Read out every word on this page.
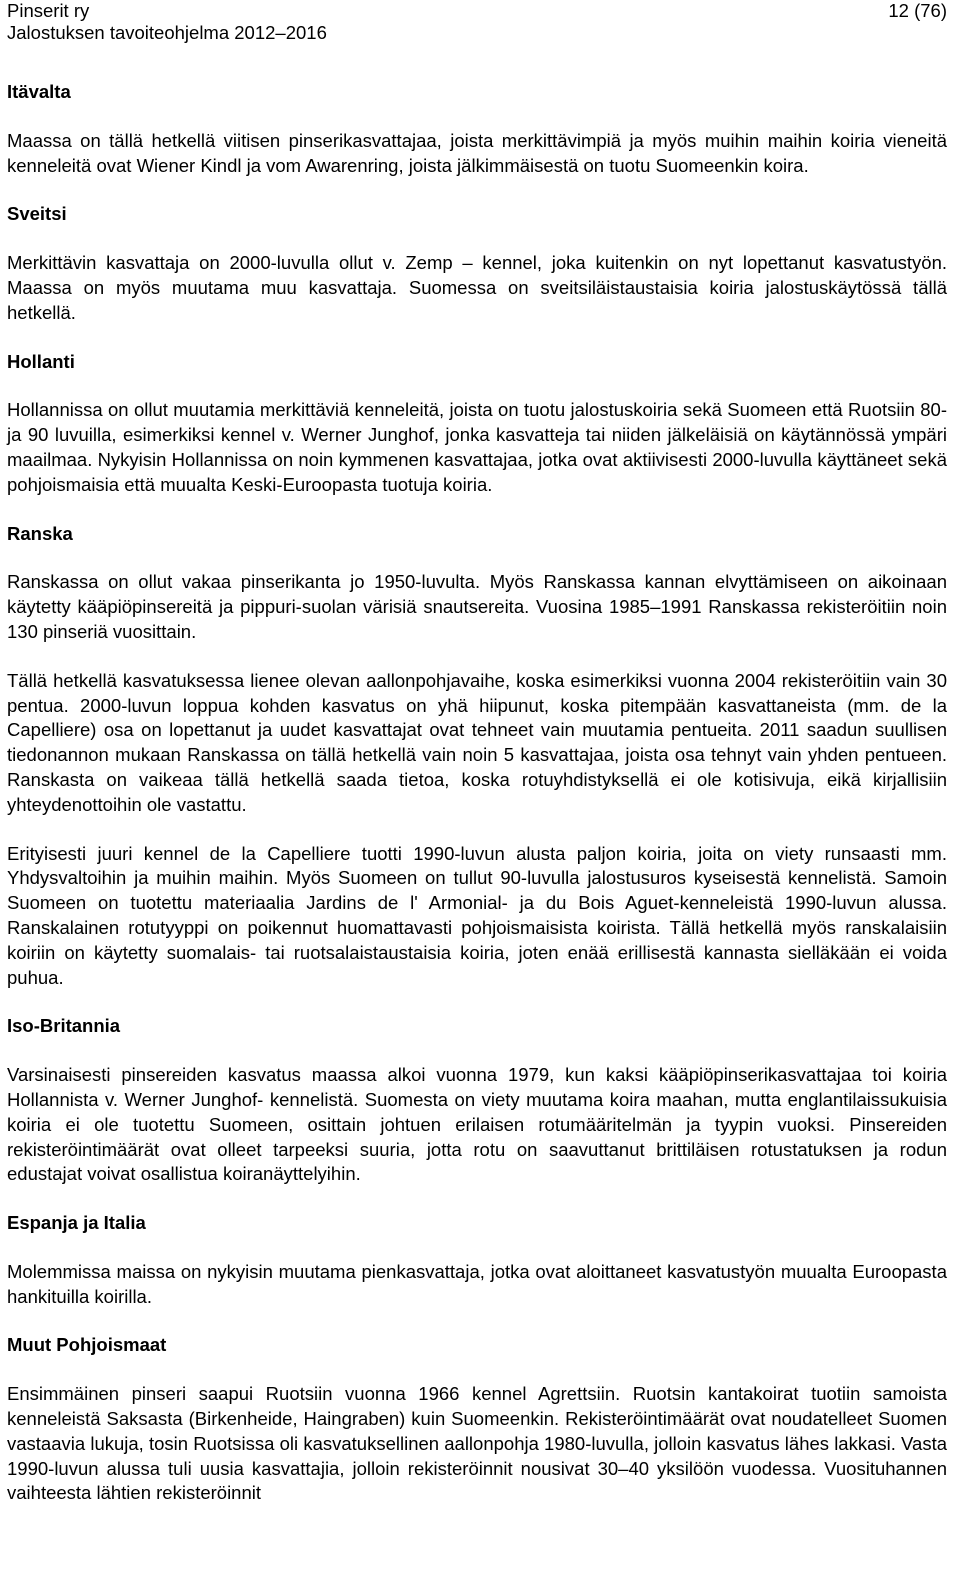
Pinserit ry
Jalostuksen tavoiteohjelma 2012–2016
12 (76)
Itävalta

Maassa on tällä hetkellä viitisen pinserikasvattajaa, joista merkittävimpiä ja myös muihin maihin koiria vieneitä kenneleitä ovat Wiener Kindl ja vom Awarenring, joista jälkimmäisestä on tuotu Suomeenkin koira.

Sveitsi

Merkittävin kasvattaja on 2000-luvulla ollut v. Zemp – kennel, joka kuitenkin on nyt lopettanut kasvatustyön. Maassa on myös muutama muu kasvattaja. Suomessa on sveitsiläistaustaisia koiria jalostuskäytössä tällä hetkellä.

Hollanti

Hollannissa on ollut muutamia merkittäviä kenneleitä, joista on tuotu jalostuskoiria sekä Suomeen että Ruotsiin 80- ja 90 luvuilla, esimerkiksi kennel v. Werner Junghof, jonka kasvatteja tai niiden jälkeläisiä on käytännössä ympäri maailmaa. Nykyisin Hollannissa on noin kymmenen kasvattajaa, jotka ovat aktiivisesti 2000-luvulla käyttäneet sekä pohjoismaisia että muualta Keski-Euroopasta tuotuja koiria.

Ranska

Ranskassa on ollut vakaa pinserikanta jo 1950-luvulta. Myös Ranskassa kannan elvyttämiseen on aikoinaan käytetty kääpiöpinsereitä ja pippuri-suolan värisiä snautsereita. Vuosina 1985–1991 Ranskassa rekisteröitiin noin 130 pinseriä vuosittain.

Tällä hetkellä kasvatuksessa lienee olevan aallonpohjavaihe, koska esimerkiksi vuonna 2004 rekisteröitiin vain 30 pentua. 2000-luvun loppua kohden kasvatus on yhä hiipunut, koska pitempään kasvattaneista (mm. de la Capelliere) osa on lopettanut ja uudet kasvattajat ovat tehneet vain muutamia pentueita. 2011 saadun suullisen tiedonannon mukaan Ranskassa on tällä hetkellä vain noin 5 kasvattajaa, joista osa tehnyt vain yhden pentueen. Ranskasta on vaikeaa tällä hetkellä saada tietoa, koska rotuyhdistyksellä ei ole kotisivuja, eikä kirjallisiin yhteydenottoihin ole vastattu.

Erityisesti juuri kennel de la Capelliere tuotti 1990-luvun alusta paljon koiria, joita on viety runsaasti mm. Yhdysvaltoihin ja muihin maihin. Myös Suomeen on tullut 90-luvulla jalostusuros kyseisestä kennelistä. Samoin Suomeen on tuotettu materiaalia Jardins de l' Armonial- ja du Bois Aguet-kenneleistä 1990-luvun alussa. Ranskalainen rotutyyppi on poikennut huomattavasti pohjoismaisista koirista. Tällä hetkellä myös ranskalaisiin koiriin on käytetty suomalais- tai ruotsalaistaustaisia koiria, joten enää erillisestä kannasta sielläkään ei voida puhua.

Iso-Britannia

Varsinaisesti pinsereiden kasvatus maassa alkoi vuonna 1979, kun kaksi kääpiöpinserikasvattajaa toi koiria Hollannista v. Werner Junghof- kennelistä. Suomesta on viety muutama koira maahan, mutta englantilaissukuisia koiria ei ole tuotettu Suomeen, osittain johtuen erilaisen rotumääritelmän ja tyypin vuoksi. Pinsereiden rekisteröintimäärät ovat olleet tarpeeksi suuria, jotta rotu on saavuttanut brittiläisen rotustatuksen ja rodun edustajat voivat osallistua koiranäyttelyihin.

Espanja ja Italia

Molemmissa maissa on nykyisin muutama pienkasvattaja, jotka ovat aloittaneet kasvatustyön muualta Euroopasta hankituilla koirilla.

Muut Pohjoismaat

Ensimmäinen pinseri saapui Ruotsiin vuonna 1966 kennel Agrettsiin. Ruotsin kantakoirat tuotiin samoista kenneleistä Saksasta (Birkenheide, Haingraben) kuin Suomeenkin. Rekisteröintimäärät ovat noudatelleet Suomen vastaavia lukuja, tosin Ruotsissa oli kasvatuksellinen aallonpohja 1980-luvulla, jolloin kasvatus lähes lakkasi. Vasta 1990-luvun alussa tuli uusia kasvattajia, jolloin rekisteröinnit nousivat 30–40 yksilöön vuodessa. Vuosituhannen vaihteesta lähtien rekisteröinnit
